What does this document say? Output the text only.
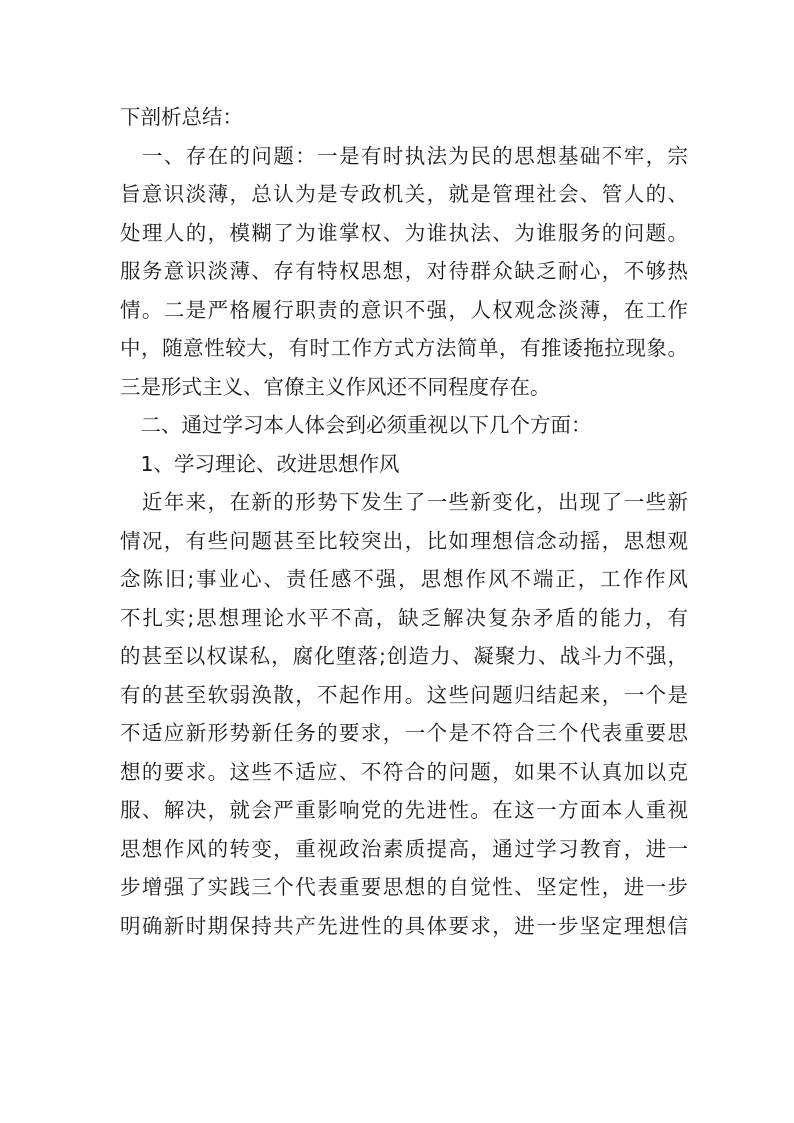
下剖析总结：
　一、存在的问题：一是有时执法为民的思想基础不牢，宗
旨意识淡薄，总认为是专政机关，就是管理社会、管人的、
处理人的，模糊了为谁掌权、为谁执法、为谁服务的问题。
服务意识淡薄、存有特权思想，对待群众缺乏耐心，不够热
情。二是严格履行职责的意识不强，人权观念淡薄，在工作
中，随意性较大，有时工作方式方法简单，有推诿拖拉现象。
三是形式主义、官僚主义作风还不同程度存在。
　二、通过学习本人体会到必须重视以下几个方面：
　1、学习理论、改进思想作风
　近年来，在新的形势下发生了一些新变化，出现了一些新
情况，有些问题甚至比较突出，比如理想信念动摇，思想观
念陈旧;事业心、责任感不强，思想作风不端正，工作作风
不扎实;思想理论水平不高，缺乏解决复杂矛盾的能力，有
的甚至以权谋私，腐化堕落;创造力、凝聚力、战斗力不强，
有的甚至软弱涣散，不起作用。这些问题归结起来，一个是
不适应新形势新任务的要求，一个是不符合三个代表重要思
想的要求。这些不适应、不符合的问题，如果不认真加以克
服、解决，就会严重影响党的先进性。在这一方面本人重视
思想作风的转变，重视政治素质提高，通过学习教育，进一
步增强了实践三个代表重要思想的自觉性、坚定性，进一步
明确新时期保持共产先进性的具体要求，进一步坚定理想信
